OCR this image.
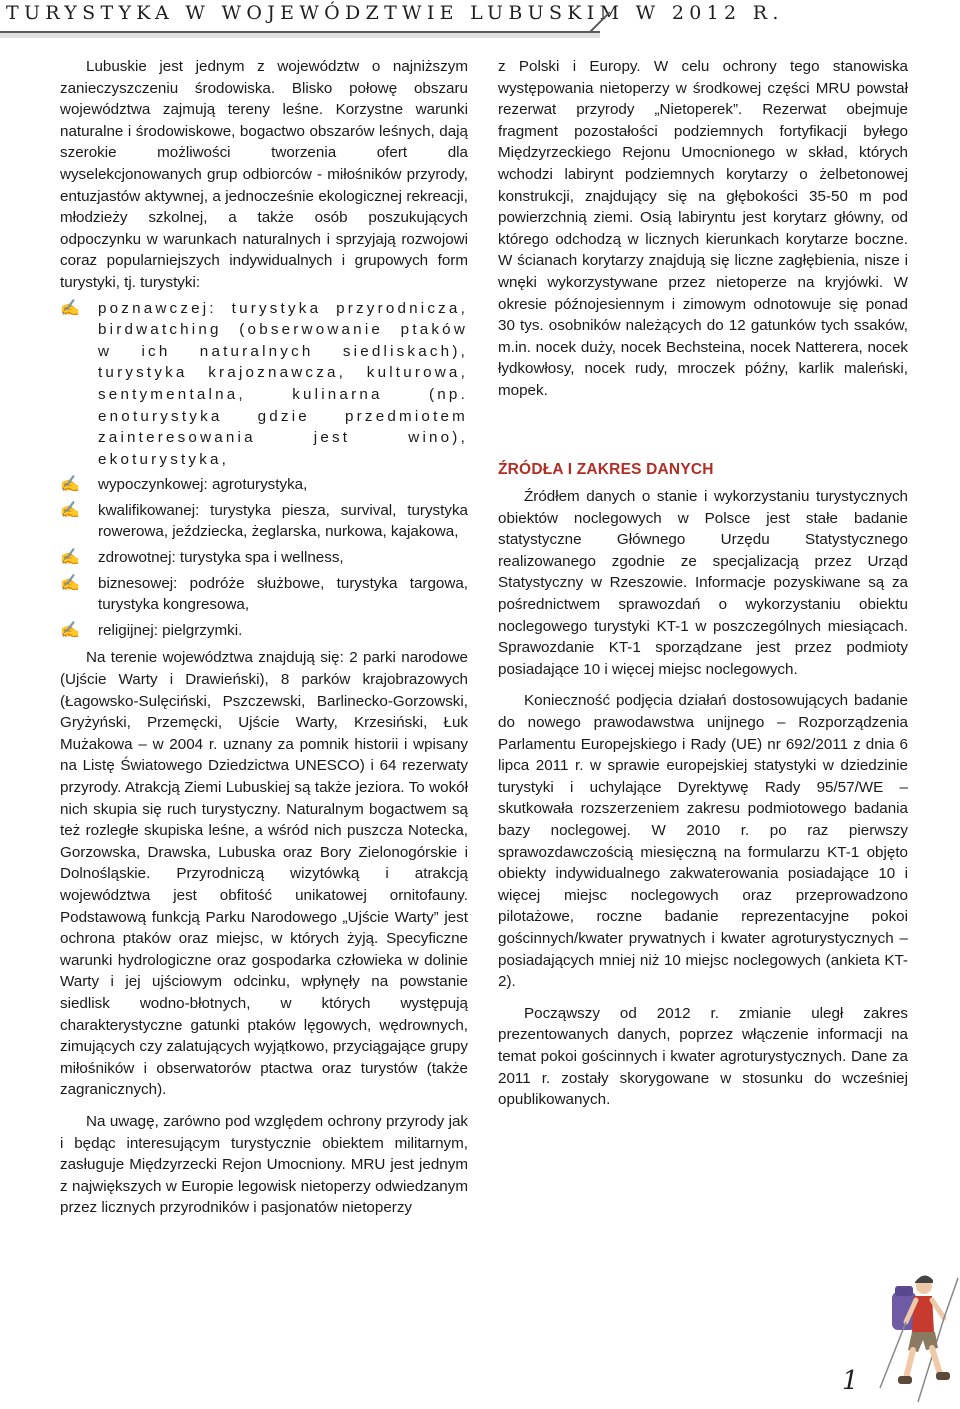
TURYSTYKA W WOJEWÓDZTWIE LUBUSKIM W 2012 R.

Lubuskie jest jednym z województw o najniższym zanieczyszczeniu środowiska. Blisko połowę obszaru województwa zajmują tereny leśne. Korzystne warunki naturalne i środowiskowe, bogactwo obszarów leśnych, dają szerokie możliwości tworzenia ofert dla wyselekcjonowanych grup odbiorców - miłośników przyrody, entuzjastów aktywnej, a jednocześnie ekologicznej rekreacji, młodzieży szkolnej, a także osób poszukujących odpoczynku w warunkach naturalnych i sprzyjają rozwojowi coraz popularniejszych indywidualnych i grupowych form turystyki, tj. turystyki:

✍ poznawczej: turystyka przyrodnicza, birdwatching (obserwowanie ptaków w ich naturalnych siedliskach), turystyka krajoznawcza, kulturowa, sentymentalna, kulinarna (np. enoturystyka gdzie przedmiotem zainteresowania jest wino), ekoturystyka,
✍ wypoczynkowej: agroturystyka,
✍ kwalifikowanej: turystyka piesza, survival, turystyka rowerowa, jeździecka, żeglarska, nurkowa, kajakowa,
✍ zdrowotnej: turystyka spa i wellness,
✍ biznesowej: podróże służbowe, turystyka targowa, turystyka kongresowa,
✍ religijnej: pielgrzymki.

Na terenie województwa znajdują się: 2 parki narodowe (Ujście Warty i Drawieński), 8 parków krajobrazowych (Łagowsko-Sulęciński, Pszczewski, Barlinecko-Gorzowski, Gryżyński, Przemęcki, Ujście Warty, Krzesiński, Łuk Mużakowa – w 2004 r. uznany za pomnik historii i wpisany na Listę Światowego Dziedzictwa UNESCO) i 64 rezerwaty przyrody. Atrakcją Ziemi Lubuskiej są także jeziora. To wokół nich skupia się ruch turystyczny. Naturalnym bogactwem są też rozległe skupiska leśne, a wśród nich puszcza Notecka, Gorzowska, Drawska, Lubuska oraz Bory Zielonogórskie i Dolnośląskie. Przyrodniczą wizytówką i atrakcją województwa jest obfitość unikatowej ornitofauny. Podstawową funkcją Parku Narodowego „Ujście Warty” jest ochrona ptaków oraz miejsc, w których żyją. Specyficzne warunki hydrologiczne oraz gospodarka człowieka w dolinie Warty i jej ujściowym odcinku, wpłynęły na powstanie siedlisk wodno-błotnych, w których występują charakterystyczne gatunki ptaków lęgowych, wędrownych, zimujących czy zalatujących wyjątkowo, przyciągające grupy miłośników i obserwatorów ptactwa oraz turystów (także zagranicznych).

Na uwagę, zarówno pod względem ochrony przyrody jak i będąc interesującym turystycznie obiektem militarnym, zasługuje Międzyrzecki Rejon Umocniony. MRU jest jednym z największych w Europie legowisk nietoperzy odwiedzanym przez licznych przyrodników i pasjonatów nietoperzy

z Polski i Europy. W celu ochrony tego stanowiska występowania nietoperzy w środkowej części MRU powstał rezerwat przyrody „Nietoperek”. Rezerwat obejmuje fragment pozostałości podziemnych fortyfikacji byłego Międzyrzeckiego Rejonu Umocnionego w skład, których wchodzi labirynt podziemnych korytarzy o żelbetonowej konstrukcji, znajdujący się na głębokości 35-50 m pod powierzchnią ziemi. Osią labiryntu jest korytarz główny, od którego odchodzą w licznych kierunkach korytarze boczne. W ścianach korytarzy znajdują się liczne zagłębienia, nisze i wnęki wykorzystywane przez nietoperze na kryjówki. W okresie późnojesiennym i zimowym odnotowuje się ponad 30 tys. osobników należących do 12 gatunków tych ssaków, m.in. nocek duży, nocek Bechsteina, nocek Natterera, nocek łydkowłosy, nocek rudy, mroczek późny, karlik maleński, mopek.

ŹRÓDŁA I ZAKRES DANYCH

Źródłem danych o stanie i wykorzystaniu turystycznych obiektów noclegowych w Polsce jest stałe badanie statystyczne Głównego Urzędu Statystycznego realizowanego zgodnie ze specjalizacją przez Urząd Statystyczny w Rzeszowie. Informacje pozyskiwane są za pośrednictwem sprawozdań o wykorzystaniu obiektu noclegowego turystyki KT-1 w poszczególnych miesiącach. Sprawozdanie KT-1 sporządzane jest przez podmioty posiadające 10 i więcej miejsc noclegowych.

Konieczność podjęcia działań dostosowujących badanie do nowego prawodawstwa unijnego – Rozporządzenia Parlamentu Europejskiego i Rady (UE) nr 692/2011 z dnia 6 lipca 2011 r. w sprawie europejskiej statystyki w dziedzinie turystyki i uchylające Dyrektywę Rady 95/57/WE – skutkowała rozszerzeniem zakresu podmiotowego badania bazy noclegowej. W 2010 r. po raz pierwszy sprawozdawczością miesięczną na formularzu KT-1 objęto obiekty indywidualnego zakwaterowania posiadające 10 i więcej miejsc noclegowych oraz przeprowadzono pilotażowe, roczne badanie reprezentacyjne pokoi gościnnych/kwater prywatnych i kwater agroturystycznych – posiadających mniej niż 10 miejsc noclegowych (ankieta KT-2).

Począwszy od 2012 r. zmianie uległ zakres prezentowanych danych, poprzez włączenie informacji na temat pokoi gościnnych i kwater agroturystycznych. Dane za 2011 r. zostały skorygowane w stosunku do wcześniej opublikowanych.

1
